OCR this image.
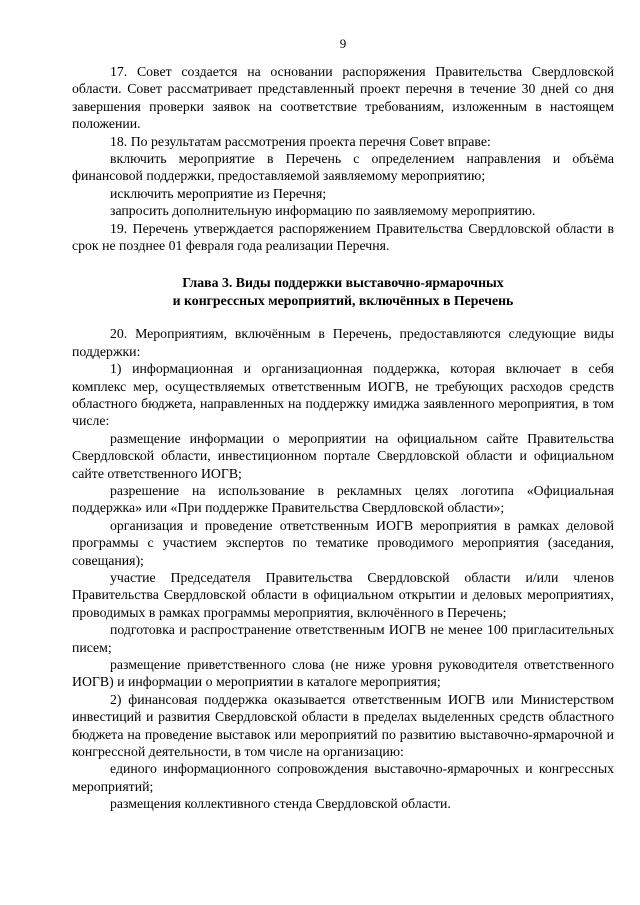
9

17. Совет создается на основании распоряжения Правительства Свердловской области. Совет рассматривает представленный проект перечня в течение 30 дней со дня завершения проверки заявок на соответствие требованиям, изложенным в настоящем положении.

18. По результатам рассмотрения проекта перечня Совет вправе:

включить мероприятие в Перечень с определением направления и объёма финансовой поддержки, предоставляемой заявляемому мероприятию;

исключить мероприятие из Перечня;

запросить дополнительную информацию по заявляемому мероприятию.

19. Перечень утверждается распоряжением Правительства Свердловской области в срок не позднее 01 февраля года реализации Перечня.

Глава 3. Виды поддержки выставочно-ярмарочных

и конгрессных мероприятий, включённых в Перечень

20. Мероприятиям, включённым в Перечень, предоставляются следующие виды поддержки:

1) информационная и организационная поддержка, которая включает в себя комплекс мер, осуществляемых ответственным ИОГВ, не требующих расходов средств областного бюджета, направленных на поддержку имиджа заявленного мероприятия, в том числе:

размещение информации о мероприятии на официальном сайте Правительства Свердловской области, инвестиционном портале Свердловской области и официальном сайте ответственного ИОГВ;

разрешение на использование в рекламных целях логотипа «Официальная поддержка» или «При поддержке Правительства Свердловской области»;

организация и проведение ответственным ИОГВ мероприятия в рамках деловой программы с участием экспертов по тематике проводимого мероприятия (заседания, совещания);

участие Председателя Правительства Свердловской области и/или членов Правительства Свердловской области в официальном открытии и деловых мероприятиях, проводимых в рамках программы мероприятия, включённого в Перечень;

подготовка и распространение ответственным ИОГВ не менее 100 пригласительных писем;

размещение приветственного слова (не ниже уровня руководителя ответственного ИОГВ) и информации о мероприятии в каталоге мероприятия;

2) финансовая поддержка оказывается ответственным ИОГВ или Министерством инвестиций и развития Свердловской области в пределах выделенных средств областного бюджета на проведение выставок или мероприятий по развитию выставочно-ярмарочной и конгрессной деятельности, в том числе на организацию:

единого информационного сопровождения выставочно-ярмарочных и конгрессных мероприятий;

размещения коллективного стенда Свердловской области.
